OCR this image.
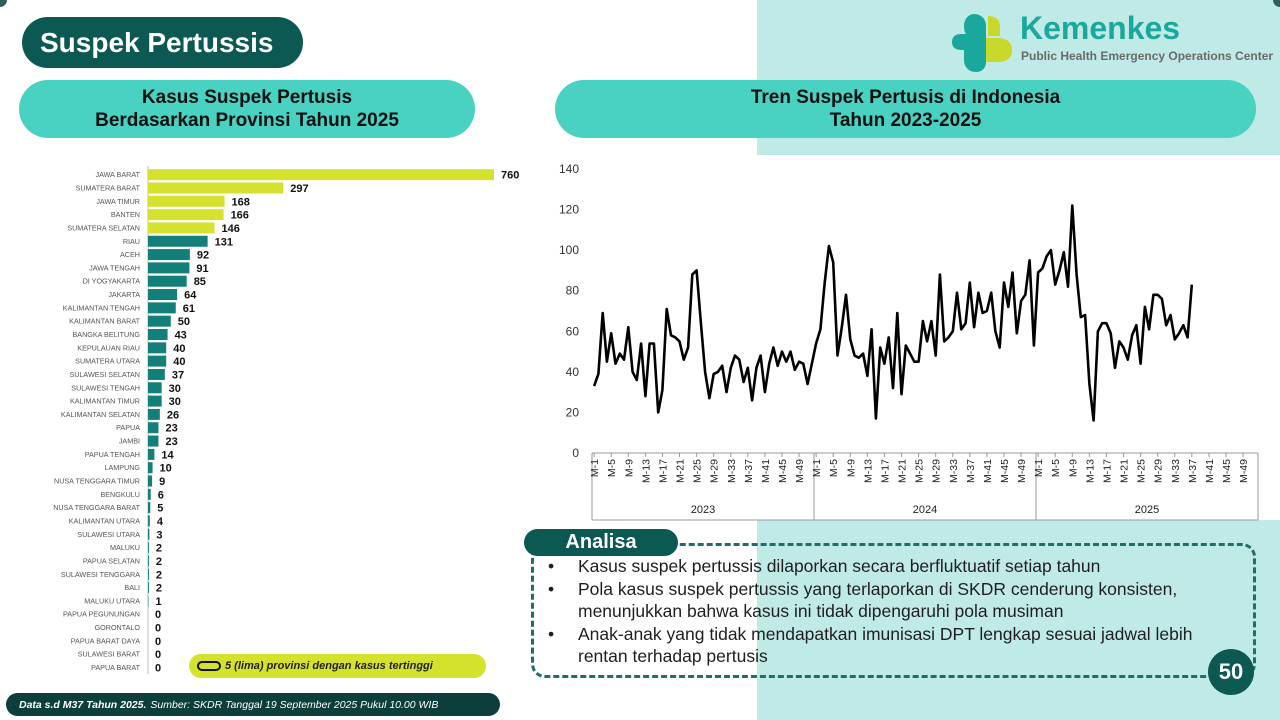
Suspek Pertussis	Kemenkes
Public Health Emergency Operations Center
Kasus Suspek Pertusis
Berdasarkan Provinsi Tahun 2025
Tren Suspek Pertusis di Indonesia
Tahun 2023-2025
JAWA BARAT	760
SUMATERA BARAT	297
JAWA TIMUR	168
BANTEN	166
SUMATERA SELATAN	146
RIAU	131
ACEH	92
JAWA TENGAH	91
DI YOGYAKARTA	85
JAKARTA	64
KALIMANTAN TENGAH	61
KALIMANTAN BARAT	50
BANGKA BELITUNG	43
KEPULAUAN RIAU	40
SUMATERA UTARA	40
SULAWESI SELATAN	37
SULAWESI TENGAH	30
KALIMANTAN TIMUR	30
KALIMANTAN SELATAN 26
PAPUA 23
JAMBI 23
PAPUA TENGAH 14
LAMPUNG 10
NUSA TENGGARA TIMUR 9
BENGKULU 6
NUSA TENGGARA BARAT 5
KALIMANTAN UTARA 4
SULAWESI UTARA 3
MALUKU 2
PAPUA SELATAN 2
SULAWESI TENGGARA 2
BALI 2
MALUKU UTARA 1
PAPUA PEGUNUNGAN 0
GORONTALO 0
PAPUA BARAT DAYA 0
SULAWESI BARAT 0
PAPUA BARAT 0	5 (lima) provinsi dengan kasus tertinggi
0
20
40
60
80
100
120
140
2023
M-1 M-5 M-9 M-13 M-17 M-21 M-25 M-29 M-33 M-37 M-41 M-45 M-49
2024
M-1 M-5 M-9 M-13 M-17 M-21 M-25 M-29 M-33 M-37 M-41 M-45 M-49
2025
M-1 M-5 M-9 M-13 M-17 M-21 M-25 M-29 M-33 M-37 M-41 M-45 M-49
Analisa
• Kasus suspek pertussis dilaporkan secara berfluktuatif setiap tahun
• Pola kasus suspek pertussis yang terlaporkan di SKDR cenderung konsisten, menunjukkan bahwa kasus ini tidak dipengaruhi pola musiman
• Anak-anak yang tidak mendapatkan imunisasi DPT lengkap sesuai jadwal lebih rentan terhadap pertusis
50
Data s.d M37 Tahun 2025. Sumber: SKDR Tanggal 19 September 2025 Pukul 10.00 WIB
